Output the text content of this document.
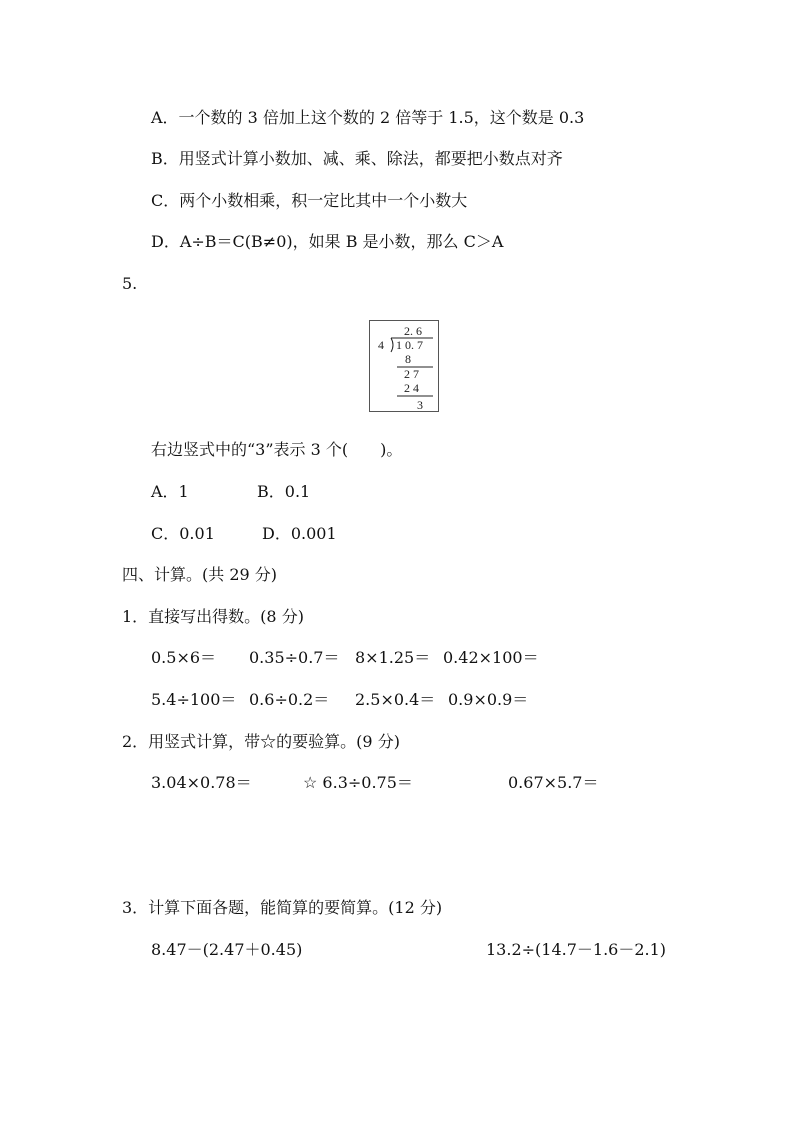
A．一个数的 3 倍加上这个数的 2 倍等于 1.5，这个数是 0.3
B．用竖式计算小数加、减、乘、除法，都要把小数点对齐
C．两个小数相乘，积一定比其中一个小数大
D．A÷B＝C(B≠0)，如果 B 是小数，那么 C＞A
5.
2. 6
4 1 0. 7
8
2 7
2 4
3
右边竖式中的“3”表示 3 个(　　)。
A．1	B．0.1
C．0.01	D．0.001
四、计算。(共 29 分)
1．直接写出得数。(8 分)
0.5×6＝ 0.35÷0.7＝ 8×1.25＝ 0.42×100＝
5.4÷100＝ 0.6÷0.2＝ 2.5×0.4＝ 0.9×0.9＝
2．用竖式计算，带☆的要验算。(9 分)
3.04×0.78＝	☆ 6.3÷0.75＝	0.67×5.7＝
3．计算下面各题，能简算的要简算。(12 分)
8.47－(2.47＋0.45)	13.2÷(14.7－1.6－2.1)
